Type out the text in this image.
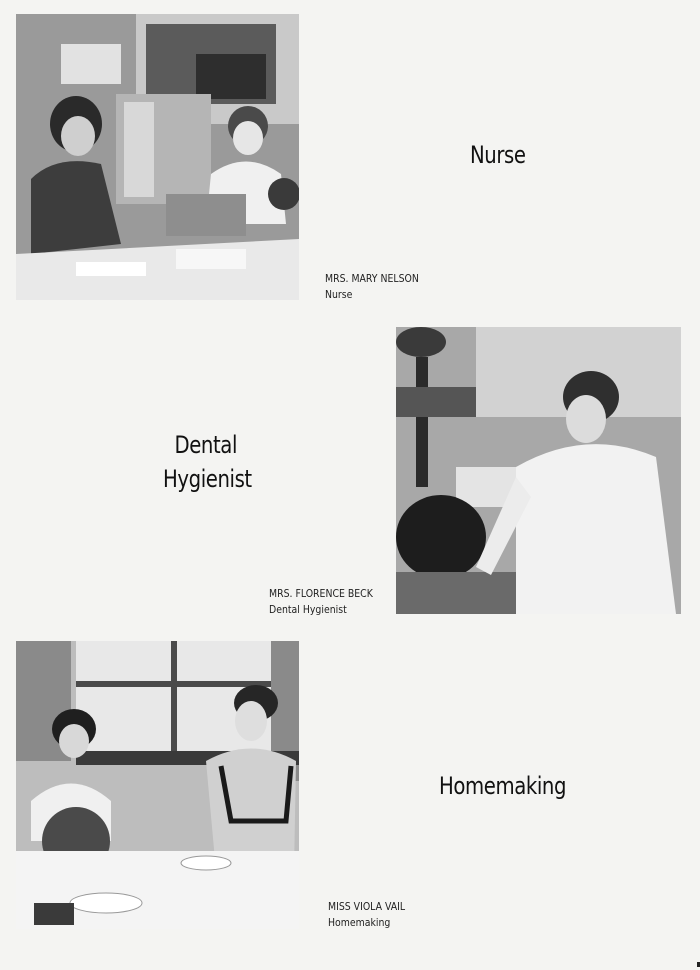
Nurse
MRS. MARY NELSON
Nurse
Dental
Hygienist
MRS. FLORENCE BECK
Dental Hygienist
Homemaking
MISS VIOLA VAIL
Homemaking
